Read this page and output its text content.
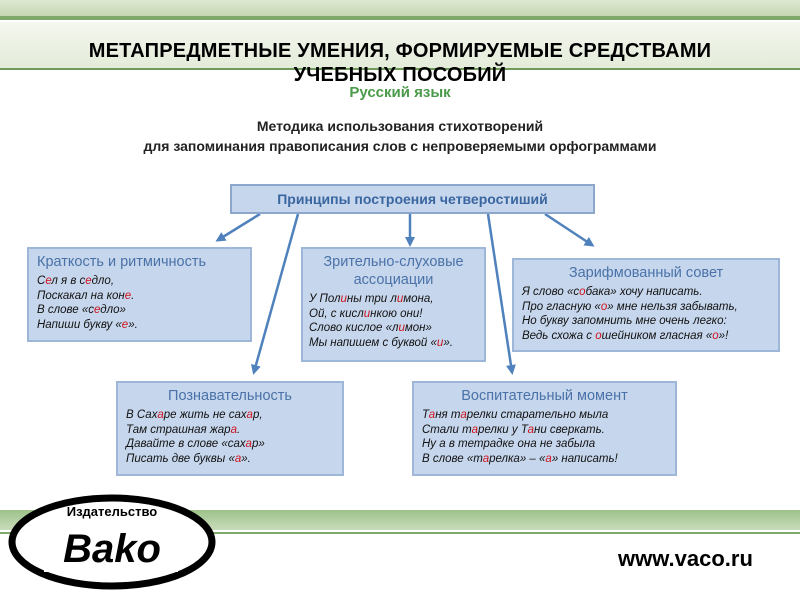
МЕТАПРЕДМЕТНЫЕ УМЕНИЯ, ФОРМИРУЕМЫЕ СРЕДСТВАМИ
УЧЕБНЫХ ПОСОБИЙ
Русский язык
Методика использования стихотворений
для запоминания правописания слов с непроверяемыми орфограммами
Принципы построения четверостиший
Краткость и ритмичность
Сел я в седло,
Поскакал на коне.
В слове «седло»
Напиши букву «е».
Зрительно-слуховые
ассоциации
У Полины три лимона,
Ой, с кислинкою они!
Слово кислое «лимон»
Мы напишем с буквой «и».
Зарифмованный совет
Я слово «собака» хочу написать.
Про гласную «о» мне нельзя забывать,
Но букву запомнить мне очень легко:
Ведь схожа с ошейником гласная «о»!
Познавательность
В Сахаре жить не сахар,
Там страшная жара.
Давайте в слове «сахар»
Писать две буквы «а».
Воспитательный момент
Таня тарелки старательно мыла
Стали тарелки у Тани сверкать.
Ну а в тетрадке она не забыла
В слове «тарелка» – «а» написать!
Издательство
Bako	www.vaco.ru
